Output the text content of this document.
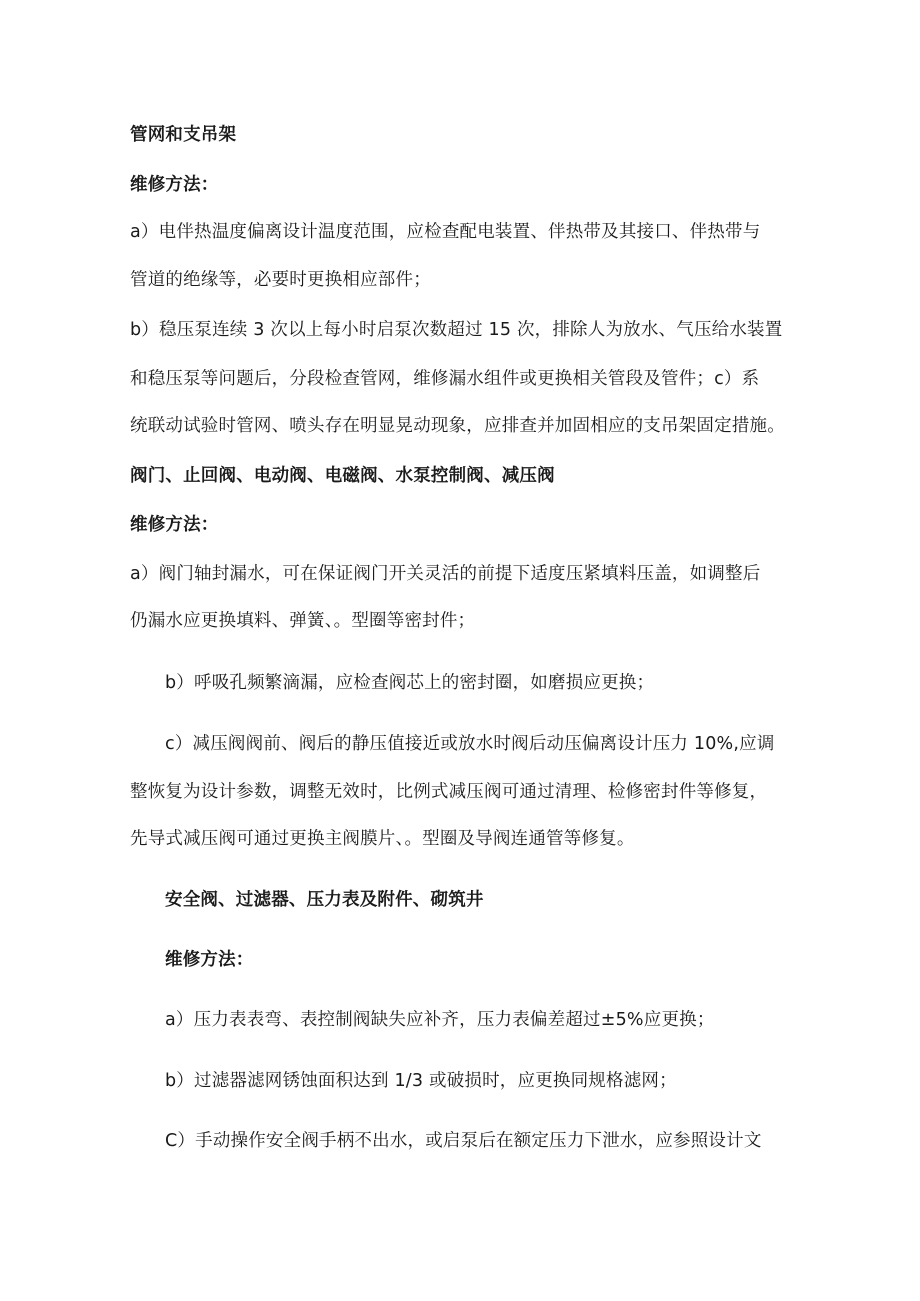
管网和支吊架
维修方法：
a）电伴热温度偏离设计温度范围，应检查配电装置、伴热带及其接口、伴热带与
管道的绝缘等，必要时更换相应部件；
b）稳压泵连续 3 次以上每小时启泵次数超过 15 次，排除人为放水、气压给水装置
和稳压泵等问题后，分段检查管网，维修漏水组件或更换相关管段及管件；c）系
统联动试验时管网、喷头存在明显晃动现象，应排查并加固相应的支吊架固定措施。
阀门、止回阀、电动阀、电磁阀、水泵控制阀、减压阀
维修方法：
a）阀门轴封漏水，可在保证阀门开关灵活的前提下适度压紧填料压盖，如调整后
仍漏水应更换填料、弹簧、。型圈等密封件；
b）呼吸孔频繁滴漏，应检查阀芯上的密封圈，如磨损应更换；
c）减压阀阀前、阀后的静压值接近或放水时阀后动压偏离设计压力 10%,应调
整恢复为设计参数，调整无效时，比例式减压阀可通过清理、检修密封件等修复，
先导式减压阀可通过更换主阀膜片、。型圈及导阀连通管等修复。
安全阀、过滤器、压力表及附件、砌筑井
维修方法：
a）压力表表弯、表控制阀缺失应补齐，压力表偏差超过±5%应更换；
b）过滤器滤网锈蚀面积达到 1/3 或破损时，应更换同规格滤网；
C）手动操作安全阀手柄不出水，或启泵后在额定压力下泄水，应参照设计文
